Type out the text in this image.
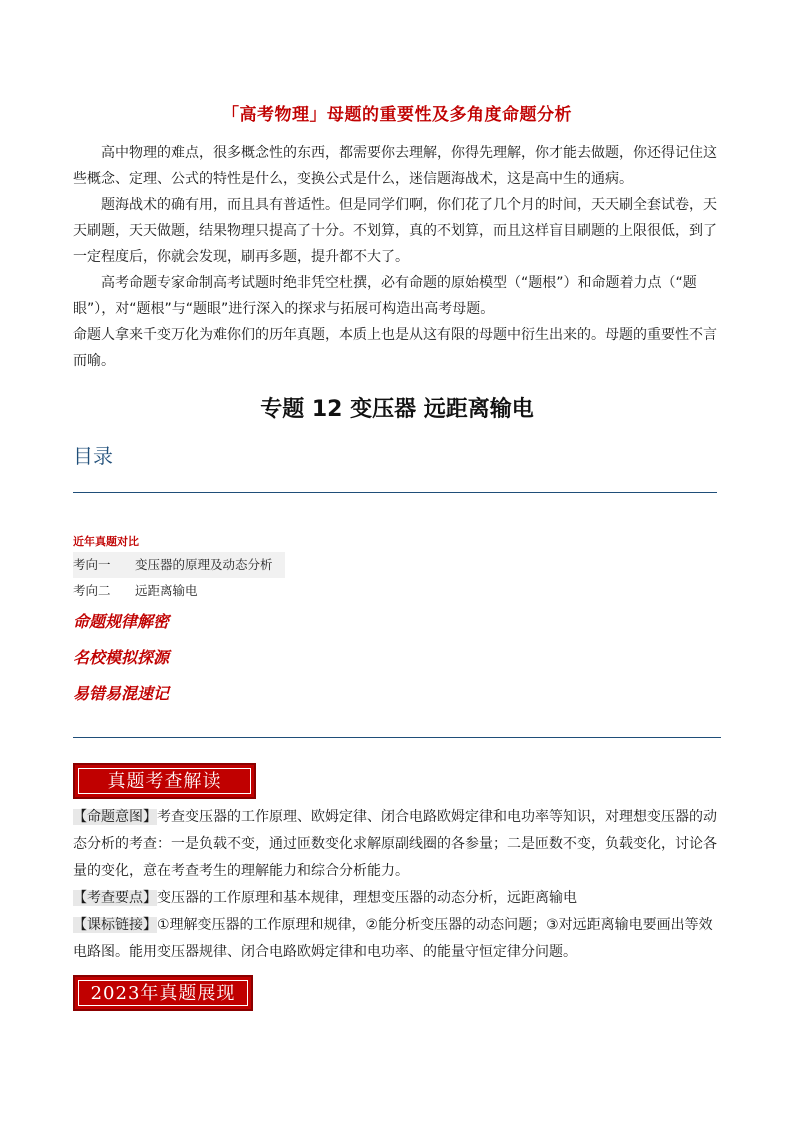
「高考物理」母题的重要性及多角度命题分析

高中物理的难点，很多概念性的东西，都需要你去理解，你得先理解，你才能去做题，你还得记住这些概念、定理、公式的特性是什么，变换公式是什么，迷信题海战术，这是高中生的通病。

题海战术的确有用，而且具有普适性。但是同学们啊，你们花了几个月的时间，天天刷全套试卷，天天刷题，天天做题，结果物理只提高了十分。不划算，真的不划算，而且这样盲目刷题的上限很低，到了一定程度后，你就会发现，刷再多题，提升都不大了。

高考命题专家命制高考试题时绝非凭空杜撰，必有命题的原始模型（“题根”）和命题着力点（“题眼”），对“题根”与“题眼”进行深入的探求与拓展可构造出高考母题。

命题人拿来千变万化为难你们的历年真题，本质上也是从这有限的母题中衍生出来的。母题的重要性不言而喻。

专题 12 变压器 远距离输电
目录
近年真题对比
考向一 变压器的原理及动态分析
考向二 远距离输电
命题规律解密
名校模拟探源
易错易混速记
真题考查解读

【命题意图】考查变压器的工作原理、欧姆定律、闭合电路欧姆定律和电功率等知识，对理想变压器的动态分析的考查：一是负载不变，通过匝数变化求解原副线圈的各参量；二是匝数不变，负载变化，讨论各量的变化，意在考查考生的理解能力和综合分析能力。

【考查要点】变压器的工作原理和基本规律，理想变压器的动态分析，远距离输电

【课标链接】①理解变压器的工作原理和规律，②能分析变压器的动态问题；③对远距离输电要画出等效电路图。能用变压器规律、闭合电路欧姆定律和电功率、的能量守恒定律分问题。

2023年真题展现
